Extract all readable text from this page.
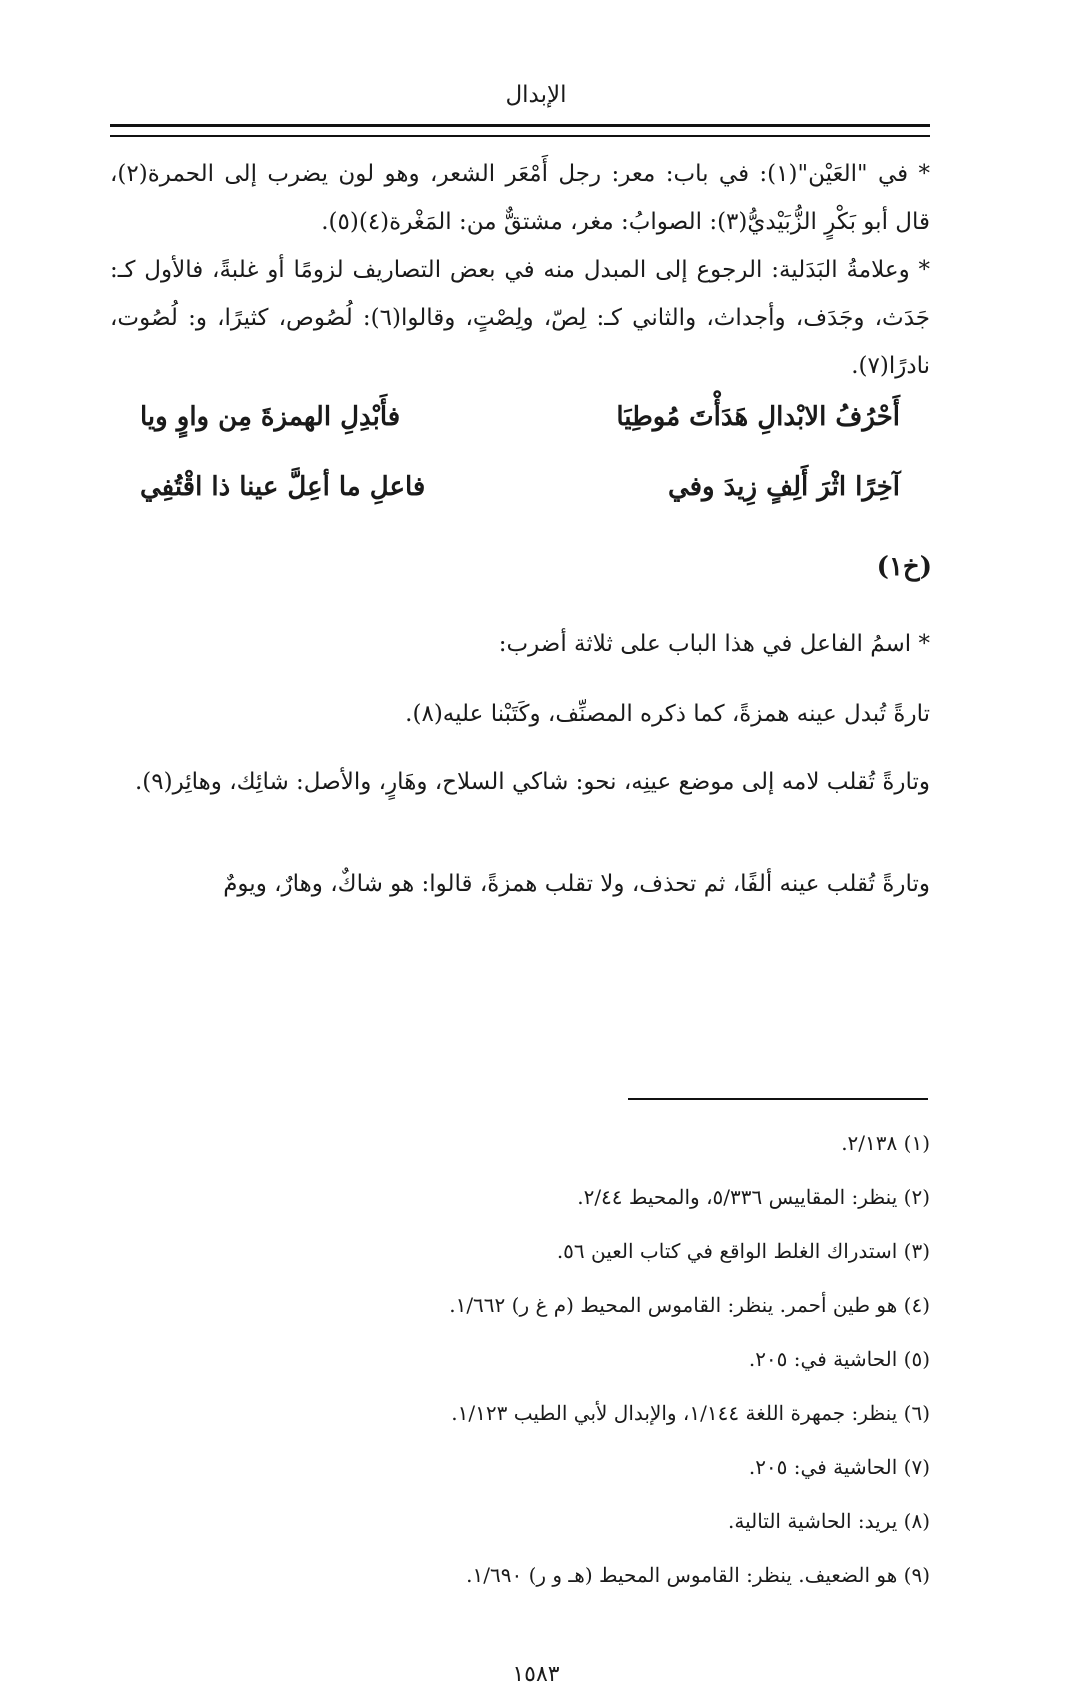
الإبدال
* في "العَيْن"(١): في باب: معر: رجل أَمْعَر الشعر، وهو لون يضرب إلى الحمرة(٢)، قال أبو بَكْرٍ الزُّبَيْديُّ(٣): الصوابُ: مغر، مشتقٌّ من: المَغْرة(٤)(٥).
* وعلامةُ البَدَلية: الرجوع إلى المبدل منه في بعض التصاريف لزومًا أو غلبةً، فالأول كـ: جَدَث، وجَدَف، وأجداث، والثاني كـ: لِصّ، ولِصْتٍ، وقالوا(٦): لُصُوص، كثيرًا، و: لُصُوت، نادرًا(٧).
أَحْرُفُ الابْدالِ هَدَأْتَ مُوطِيَا
فأَبْدِلِ الهمزةَ مِن واوٍ ويا
آخِرًا اثْرَ أَلِفٍ زِيدَ وفي
فاعلِ ما أعِلَّ عينا ذا اقْتُفِي
(خ١)
* اسمُ الفاعل في هذا الباب على ثلاثة أضرب:
تارةً تُبدل عينه همزةً، كما ذكره المصنِّف، وكَتَبْنا عليه(٨).
وتارةً تُقلب لامه إلى موضع عينِه، نحو: شاكي السلاح، وهَارٍ، والأصل: شائِك، وهائِر(٩).
وتارةً تُقلب عينه ألفًا، ثم تحذف، ولا تقلب همزةً، قالوا: هو شاكٌ، وهارٌ، ويومٌ
(١) ٢/١٣٨.
(٢) ينظر: المقاييس ٥/٣٣٦، والمحيط ٢/٤٤.
(٣) استدراك الغلط الواقع في كتاب العين ٥٦.
(٤) هو طين أحمر. ينظر: القاموس المحيط (م غ ر) ١/٦٦٢.
(٥) الحاشية في: ٢٠٥.
(٦) ينظر: جمهرة اللغة ١/١٤٤، والإبدال لأبي الطيب ١/١٢٣.
(٧) الحاشية في: ٢٠٥.
(٨) يريد: الحاشية التالية.
(٩) هو الضعيف. ينظر: القاموس المحيط (هـ و ر) ١/٦٩٠.
١٥٨٣
